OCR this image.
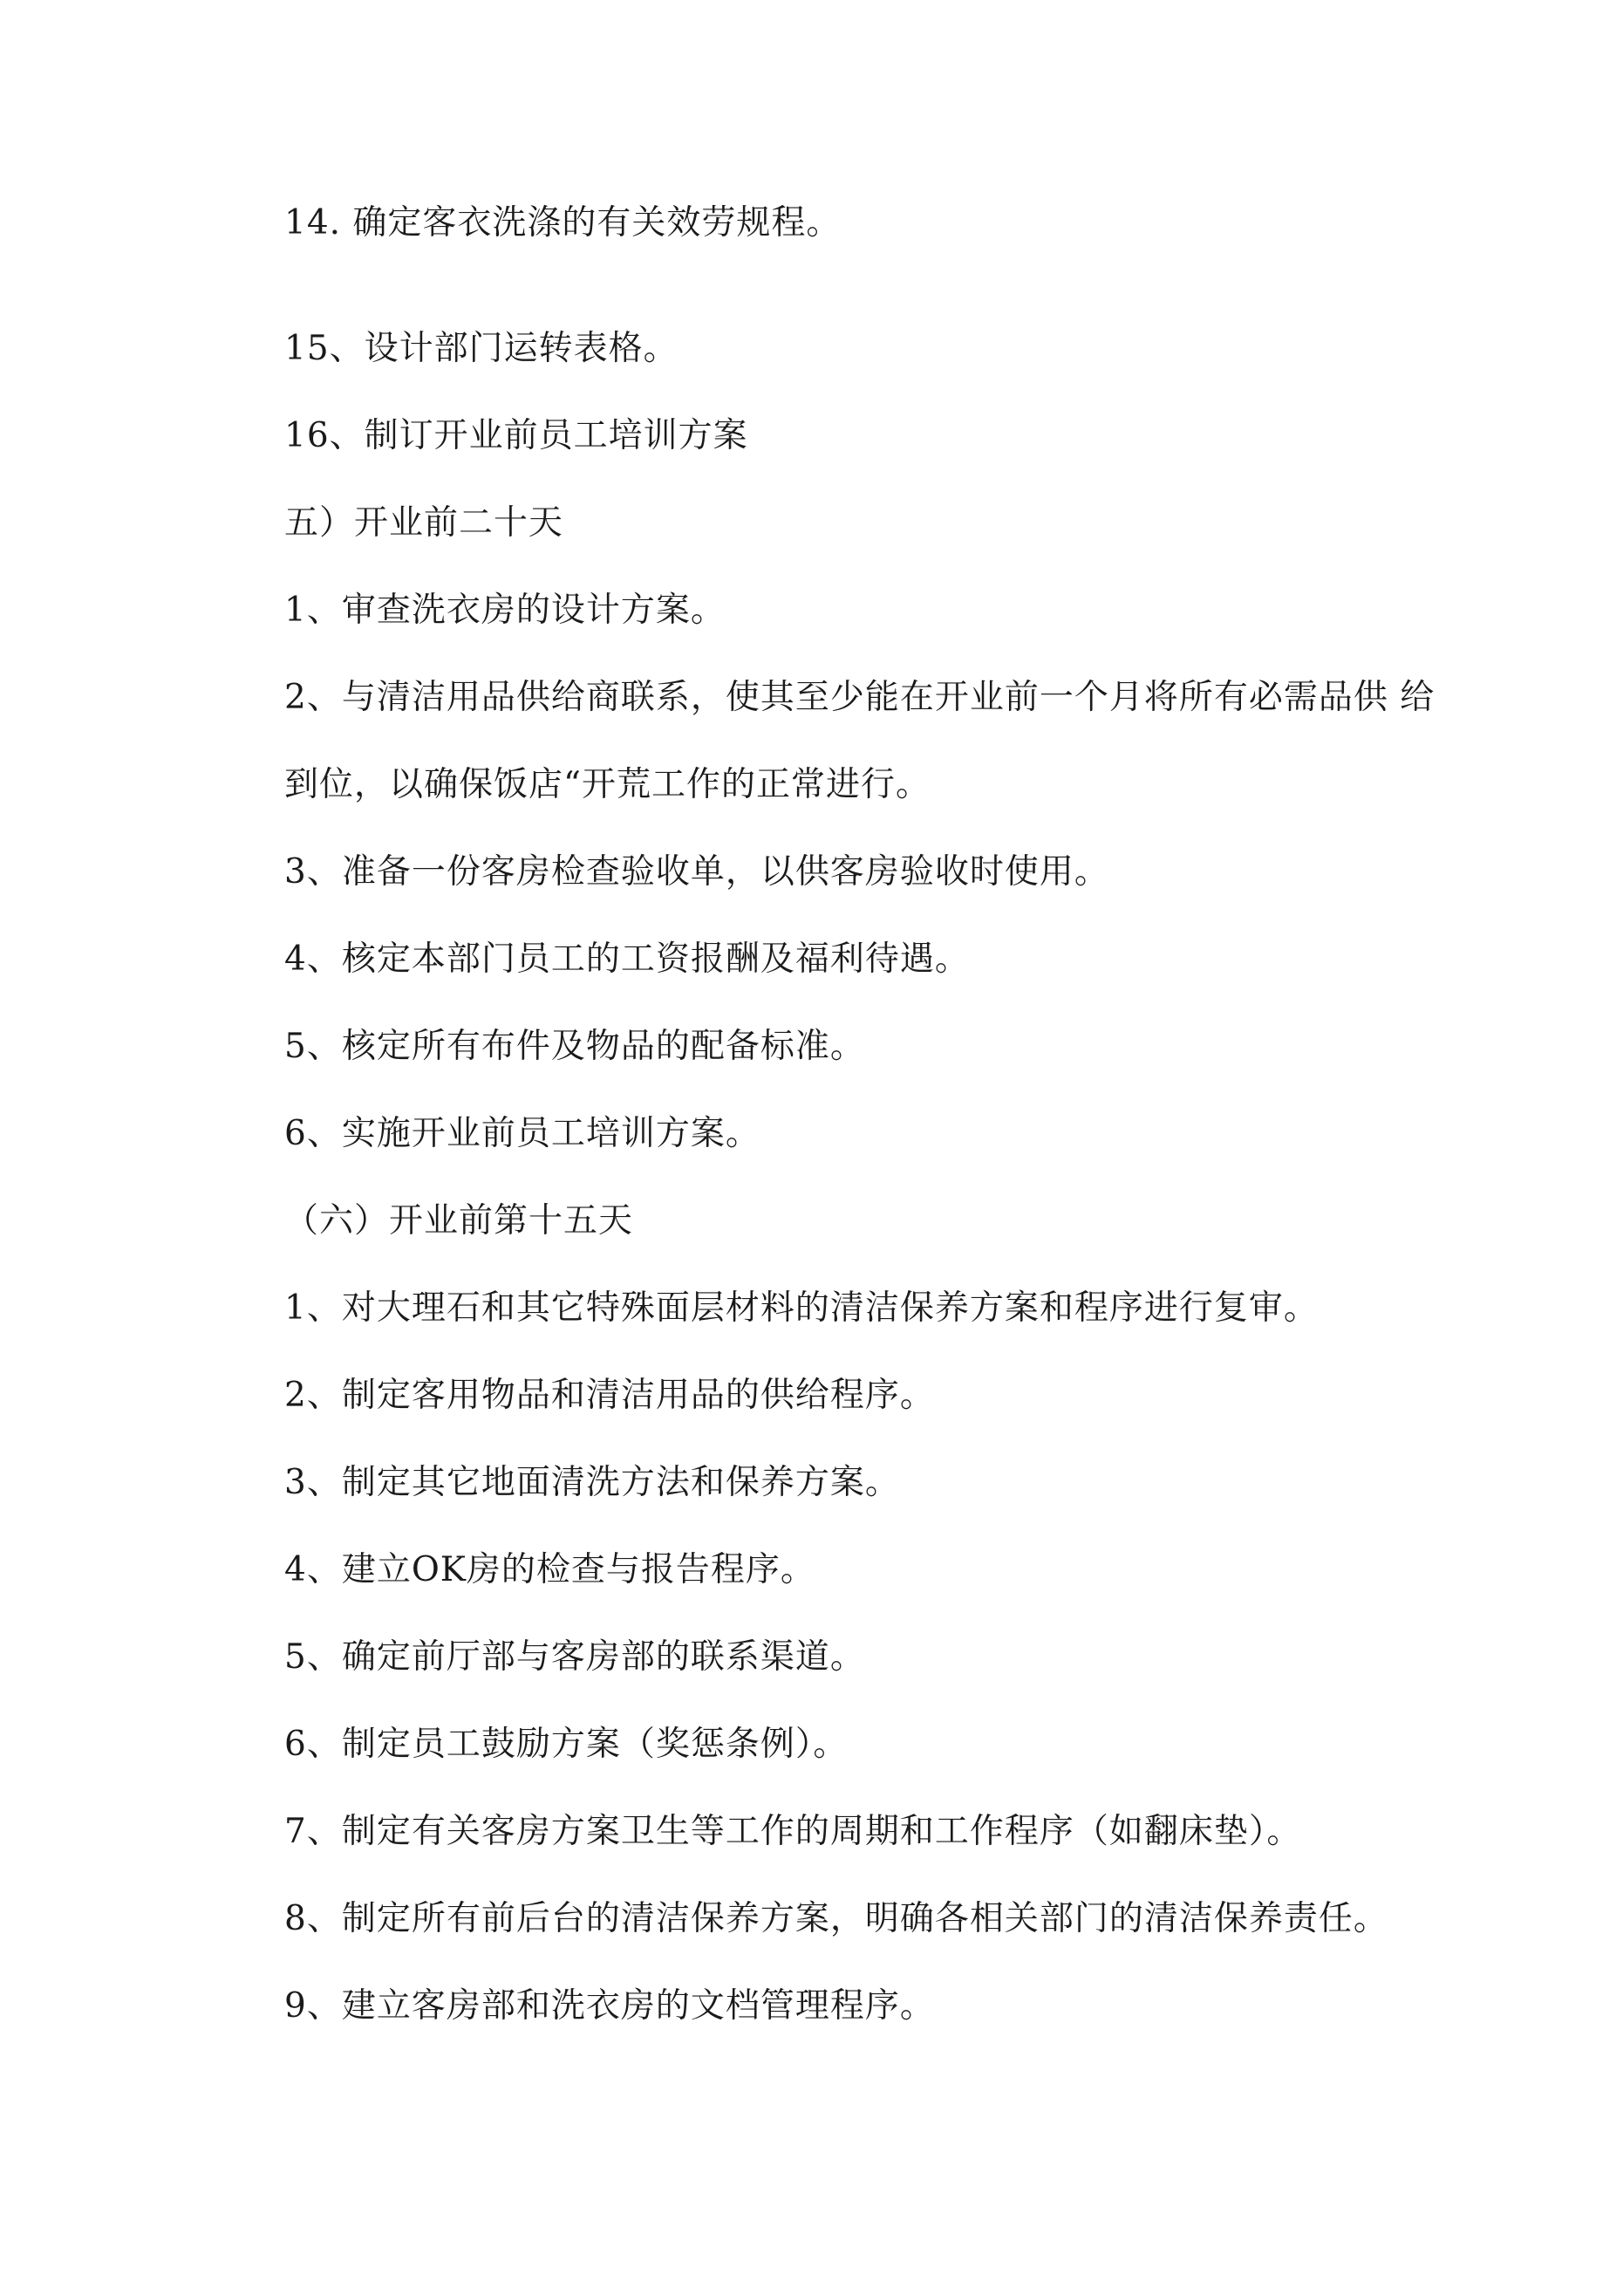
14. 确定客衣洗涤的有关效劳规程。
15、设计部门运转表格。
16、制订开业前员工培训方案
五）开业前二十天
1、审查洗衣房的设计方案。
2、与清洁用品供给商联系，使其至少能在开业前一个月将所有必需品供 给
到位，以确保饭店“开荒工作的正常进行。
3、准备一份客房检查验收单，以供客房验收时使用。
4、核定本部门员工的工资报酬及福利待遇。
5、核定所有布件及物品的配备标准。
6、实施开业前员工培训方案。
（六）开业前第十五天
1、对大理石和其它特殊面层材料的清洁保养方案和程序进行复审。
2、制定客用物品和清洁用品的供给程序。
3、制定其它地面清洗方法和保养方案。
4、建立OK房的检查与报告程序。
5、确定前厅部与客房部的联系渠道。
6、制定员工鼓励方案（奖惩条例）。
7、制定有关客房方案卫生等工作的周期和工作程序（如翻床垫）。
8、制定所有前后台的清洁保养方案，明确各相关部门的清洁保养责任。
9、建立客房部和洗衣房的文档管理程序。
